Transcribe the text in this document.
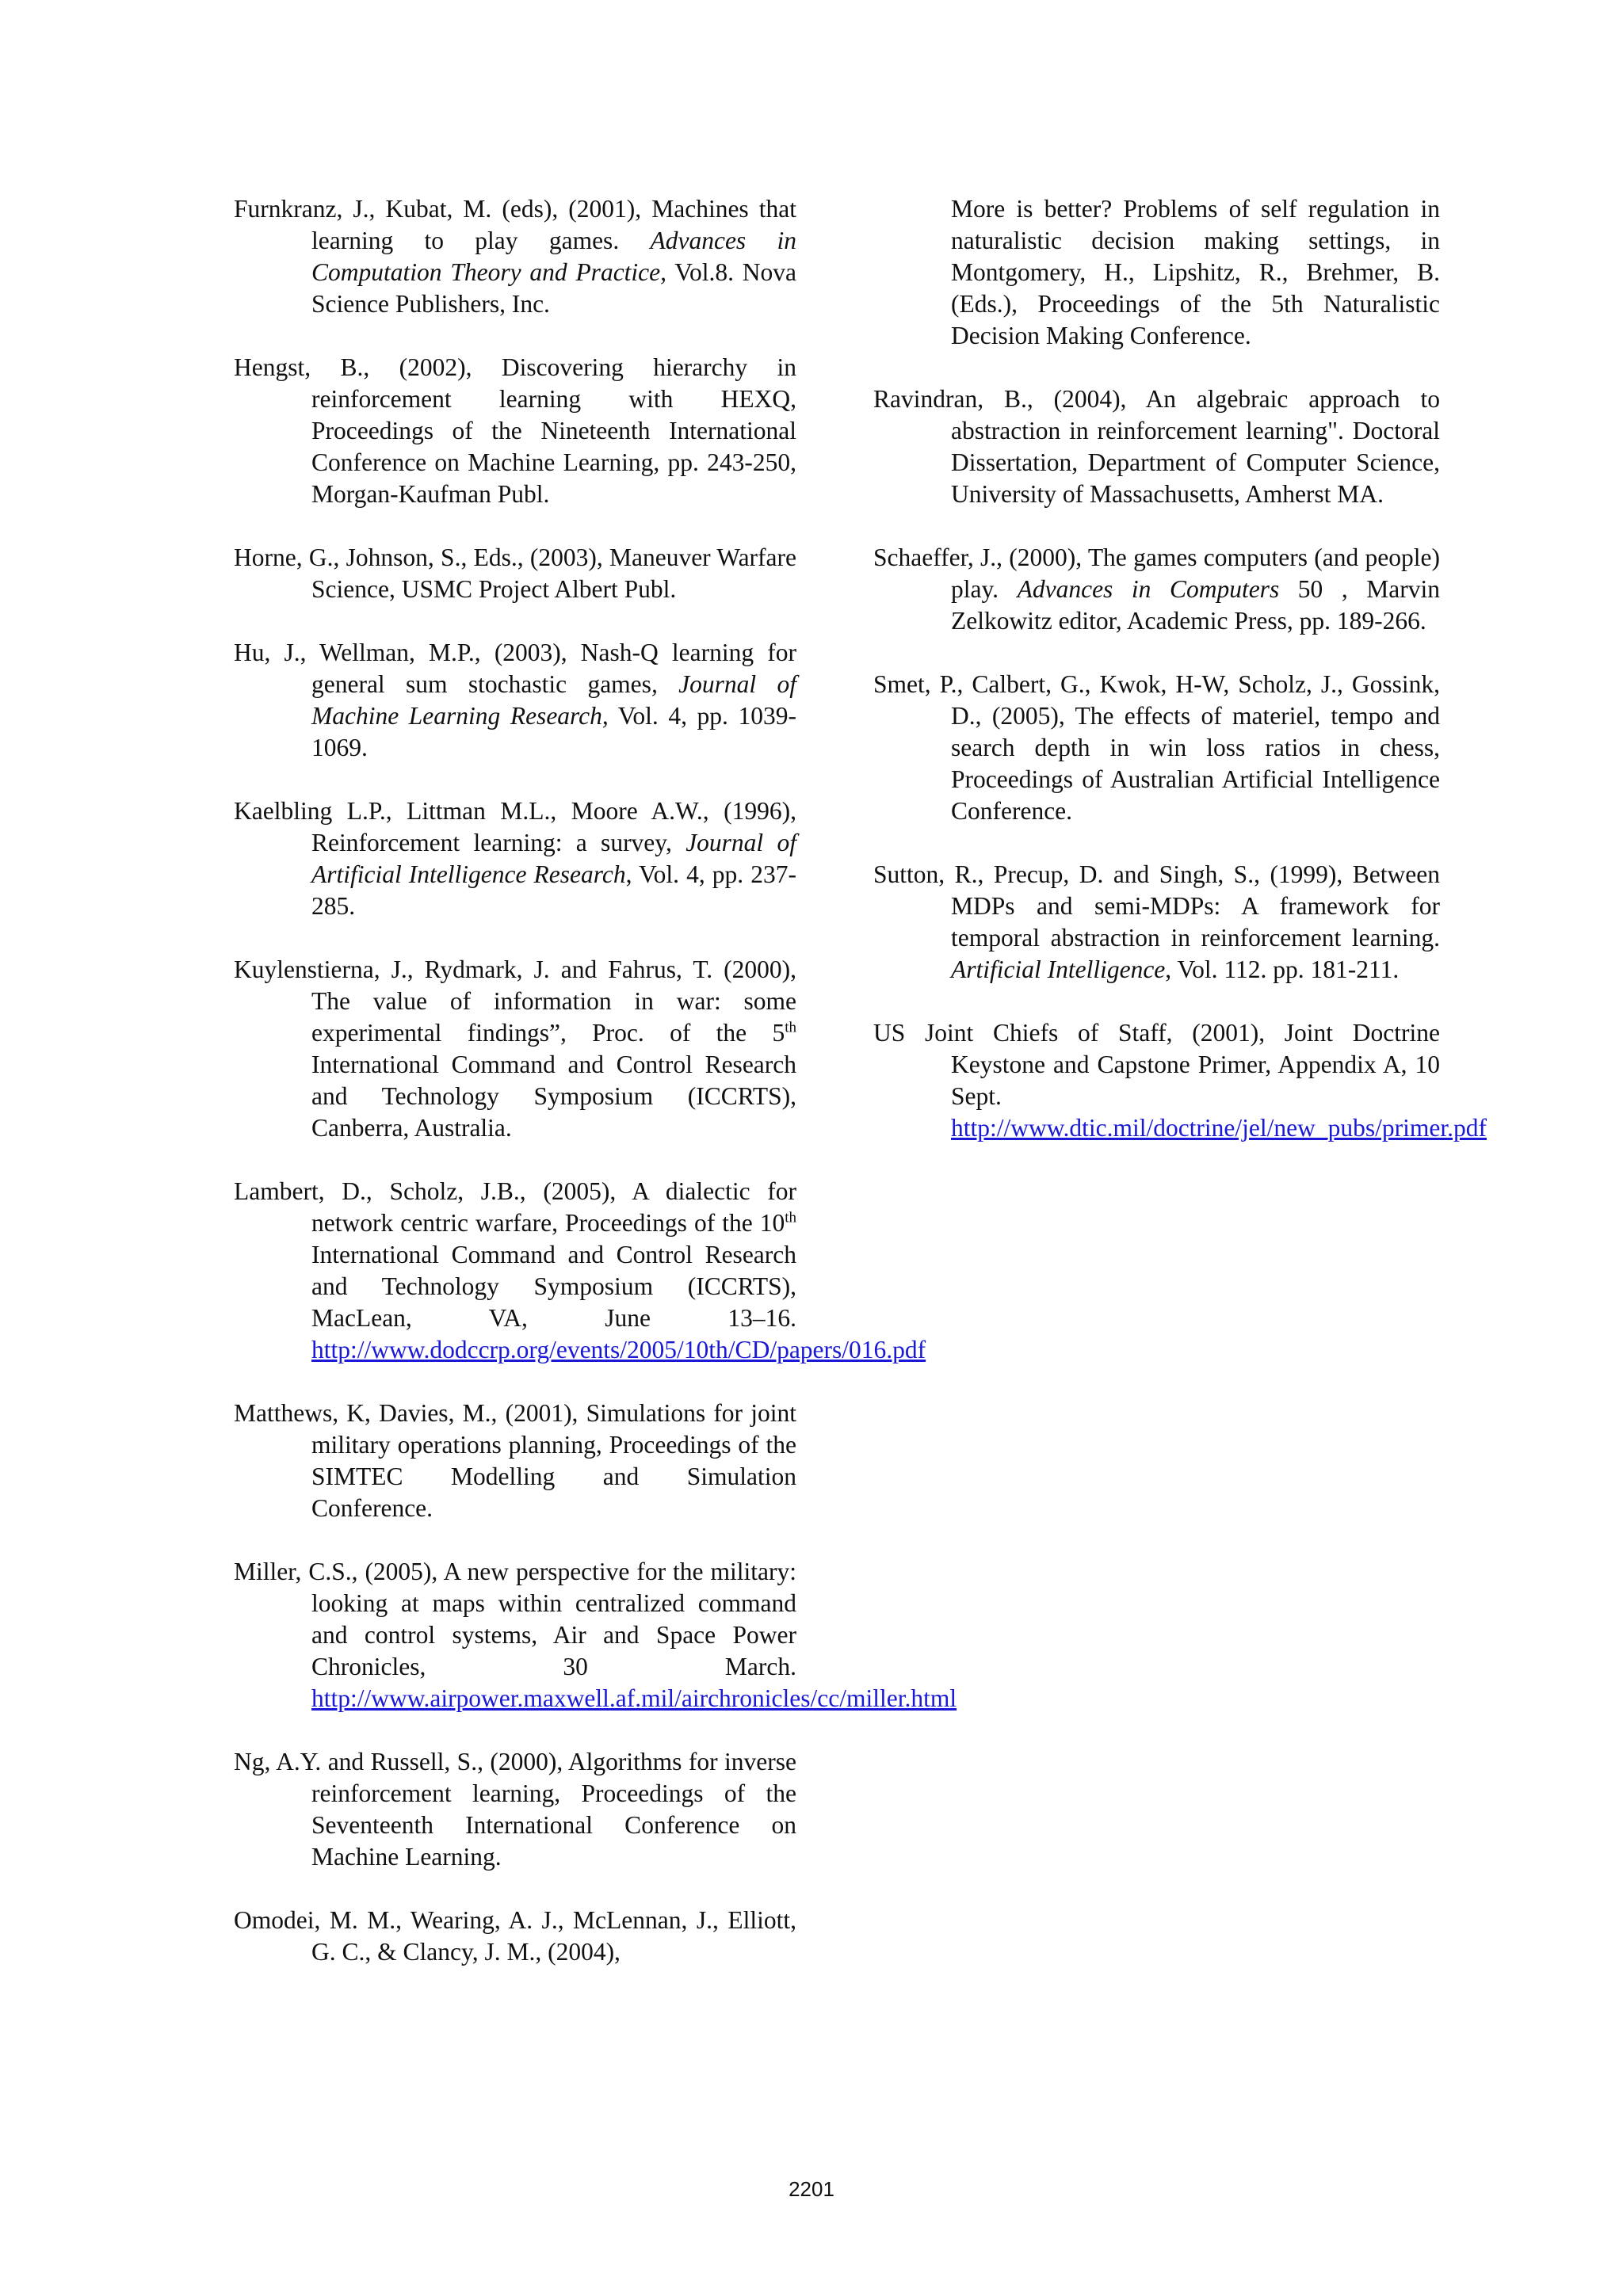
Furnkranz, J., Kubat, M. (eds), (2001), Machines that learning to play games. Advances in Computation Theory and Practice, Vol.8. Nova Science Publishers, Inc.

Hengst, B., (2002), Discovering hierarchy in reinforcement learning with HEXQ, Proceedings of the Nineteenth International Conference on Machine Learning, pp. 243-250, Morgan-Kaufman Publ.

Horne, G., Johnson, S., Eds., (2003), Maneuver Warfare Science, USMC Project Albert Publ.

Hu, J., Wellman, M.P., (2003), Nash-Q learning for general sum stochastic games, Journal of Machine Learning Research, Vol. 4, pp. 1039-1069.

Kaelbling L.P., Littman M.L., Moore A.W., (1996), Reinforcement learning: a survey, Journal of Artificial Intelligence Research, Vol. 4, pp. 237-285.

Kuylenstierna, J., Rydmark, J. and Fahrus, T. (2000), The value of information in war: some experimental findings”, Proc. of the 5th International Command and Control Research and Technology Symposium (ICCRTS), Canberra, Australia.

Lambert, D., Scholz, J.B., (2005), A dialectic for network centric warfare, Proceedings of the 10th International Command and Control Research and Technology Symposium (ICCRTS), MacLean, VA, June 13–16. http://www.dodccrp.org/events/2005/10th/CD/papers/016.pdf

Matthews, K, Davies, M., (2001), Simulations for joint military operations planning, Proceedings of the SIMTEC Modelling and Simulation Conference.

Miller, C.S., (2005), A new perspective for the military: looking at maps within centralized command and control systems, Air and Space Power Chronicles, 30 March. http://www.airpower.maxwell.af.mil/airchronicles/cc/miller.html

Ng, A.Y. and Russell, S., (2000), Algorithms for inverse reinforcement learning, Proceedings of the Seventeenth International Conference on Machine Learning.

Omodei, M. M., Wearing, A. J., McLennan, J., Elliott, G. C., & Clancy, J. M., (2004),

More is better? Problems of self regulation in naturalistic decision making settings, in Montgomery, H., Lipshitz, R., Brehmer, B. (Eds.), Proceedings of the 5th Naturalistic Decision Making Conference.

Ravindran, B., (2004), An algebraic approach to abstraction in reinforcement learning". Doctoral Dissertation, Department of Computer Science, University of Massachusetts, Amherst MA.

Schaeffer, J., (2000), The games computers (and people) play. Advances in Computers 50 , Marvin Zelkowitz editor, Academic Press, pp. 189-266.

Smet, P., Calbert, G., Kwok, H-W, Scholz, J., Gossink, D., (2005), The effects of materiel, tempo and search depth in win loss ratios in chess, Proceedings of Australian Artificial Intelligence Conference.

Sutton, R., Precup, D. and Singh, S., (1999), Between MDPs and semi-MDPs: A framework for temporal abstraction in reinforcement learning. Artificial Intelligence, Vol. 112. pp. 181-211.

US Joint Chiefs of Staff, (2001), Joint Doctrine Keystone and Capstone Primer, Appendix A, 10 Sept. http://www.dtic.mil/doctrine/jel/new_pubs/primer.pdf

2201
